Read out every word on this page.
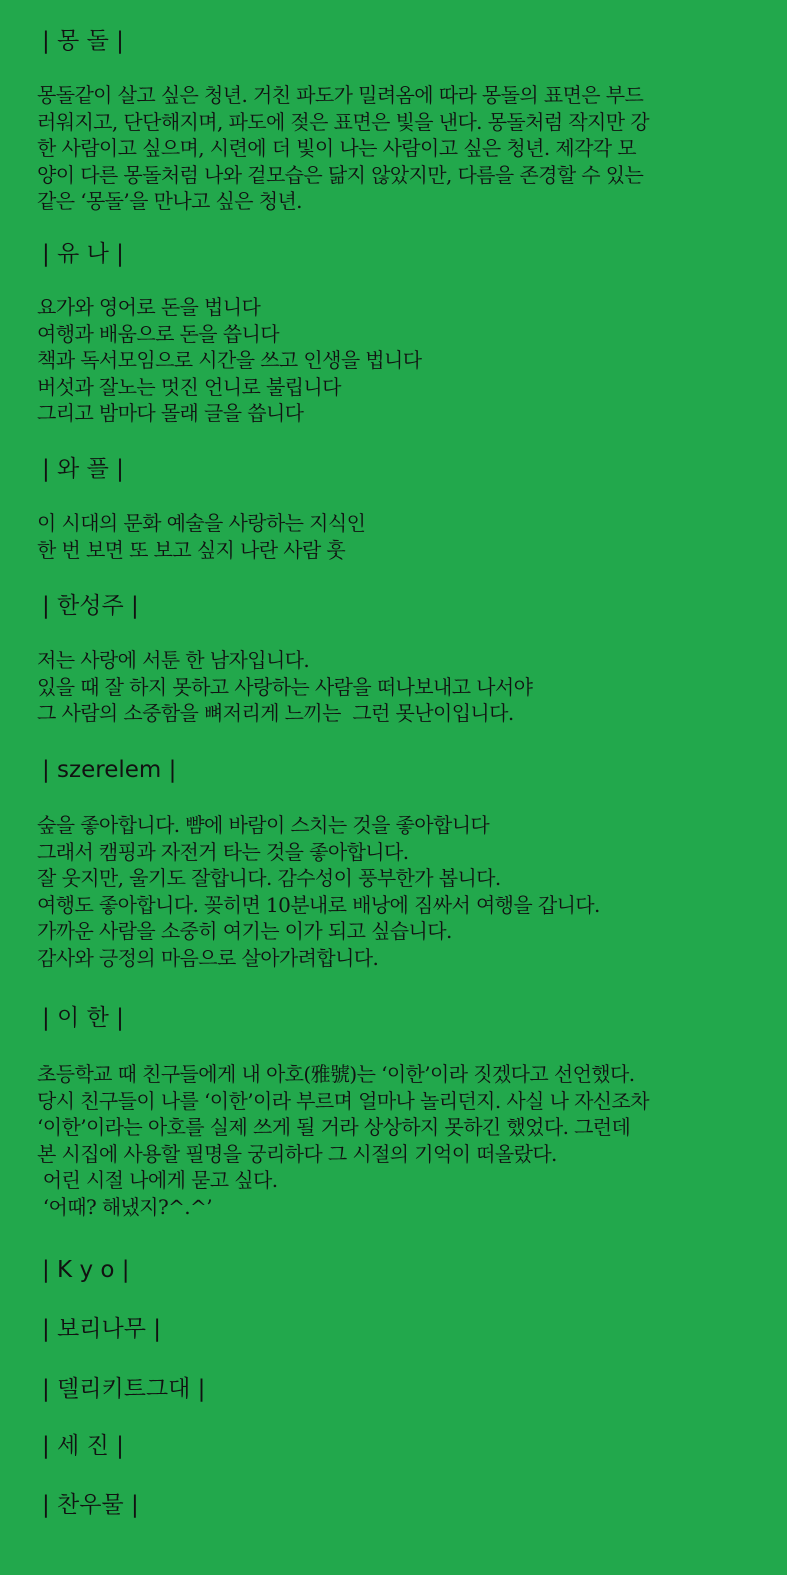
| 몽 돌 |
몽돌같이 살고 싶은 청년. 거친 파도가 밀려옴에 따라 몽돌의 표면은 부드
러워지고, 단단해지며, 파도에 젖은 표면은 빛을 낸다. 몽돌처럼 작지만 강
한 사람이고 싶으며, 시련에 더 빛이 나는 사람이고 싶은 청년. 제각각 모
양이 다른 몽돌처럼 나와 겉모습은 닮지 않았지만, 다름을 존경할 수 있는
같은 ‘몽돌’을 만나고 싶은 청년.
| 유 나 |
요가와 영어로 돈을 법니다
여행과 배움으로 돈을 씁니다
책과 독서모임으로 시간을 쓰고 인생을 법니다
버섯과 잘노는 멋진 언니로 불립니다
그리고 밤마다 몰래 글을 씁니다
| 와 플 |
이 시대의 문화 예술을 사랑하는 지식인
한 번 보면 또 보고 싶지 나란 사람 훗
| 한성주 |
저는 사랑에 서툰 한 남자입니다.
있을 때 잘 하지 못하고 사랑하는 사람을 떠나보내고 나서야
그 사람의 소중함을 뼈저리게 느끼는  그런 못난이입니다.
| szerelem |
숲을 좋아합니다. 뺨에 바람이 스치는 것을 좋아합니다
그래서 캠핑과 자전거 타는 것을 좋아합니다.
잘 웃지만, 울기도 잘합니다. 감수성이 풍부한가 봅니다.
여행도 좋아합니다. 꽂히면 10분내로 배낭에 짐싸서 여행을 갑니다.
가까운 사람을 소중히 여기는 이가 되고 싶습니다.
감사와 긍정의 마음으로 살아가려합니다.
| 이 한 |
초등학교 때 친구들에게 내 아호(雅號)는 ‘이한’이라 짓겠다고 선언했다.
당시 친구들이 나를 ‘이한’이라 부르며 얼마나 놀리던지. 사실 나 자신조차
‘이한’이라는 아호를 실제 쓰게 될 거라 상상하지 못하긴 했었다. 그런데
본 시집에 사용할 필명을 궁리하다 그 시절의 기억이 떠올랐다.
어린 시절 나에게 묻고 싶다.
‘어때? 해냈지?^.^’
| K y o |
| 보리나무 |
| 델리키트그대 |
| 세 진 |
| 찬우물 |
